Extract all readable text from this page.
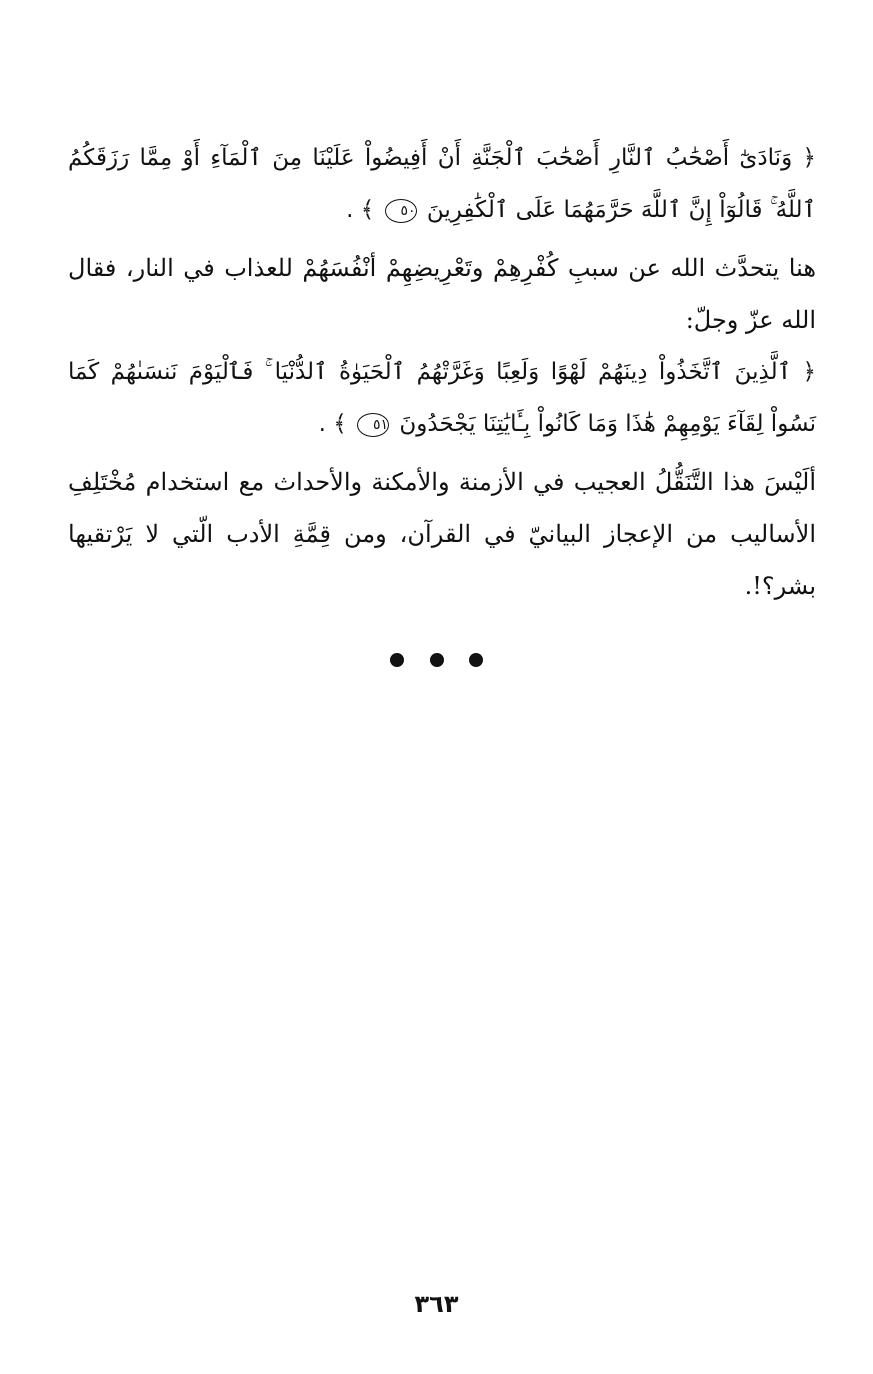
﴿ وَنَادَىٰٓ أَصْحَٰبُ ٱلنَّارِ أَصْحَٰبَ ٱلْجَنَّةِ أَنْ أَفِيضُواْ عَلَيْنَا مِنَ ٱلْمَآءِ أَوْ مِمَّا رَزَقَكُمُ ٱللَّهُ ۚ قَالُوٓاْ إِنَّ ٱللَّهَ حَرَّمَهُمَا عَلَى ٱلْكَٰفِرِينَ ٥٠ ﴾ .
هنا يتحدَّث الله عن سببِ كُفْرِهِمْ وتَعْرِيضِهِمْ أنْفُسَهُمْ للعذاب في النار، فقال الله عزّ وجلّ:
﴿ ٱلَّذِينَ ٱتَّخَذُواْ دِينَهُمْ لَهْوًا وَلَعِبًا وَغَرَّتْهُمُ ٱلْحَيَوٰةُ ٱلدُّنْيَا ۚ فَٱلْيَوْمَ نَنسَىٰهُمْ كَمَا نَسُواْ لِقَآءَ يَوْمِهِمْ هَٰذَا وَمَا كَانُواْ بِـَٔايَٰتِنَا يَجْحَدُونَ ٥١ ﴾ .
ألَيْسَ هذا التَّنَقُّلُ العجيب في الأزمنة والأمكنة والأحداث مع استخدام مُخْتَلِفِ الأساليب من الإعجاز البيانيّ في القرآن، ومن قِمَّةِ الأدب الّتي لا يَرْتقيها بشر؟!.

٣٦٣
